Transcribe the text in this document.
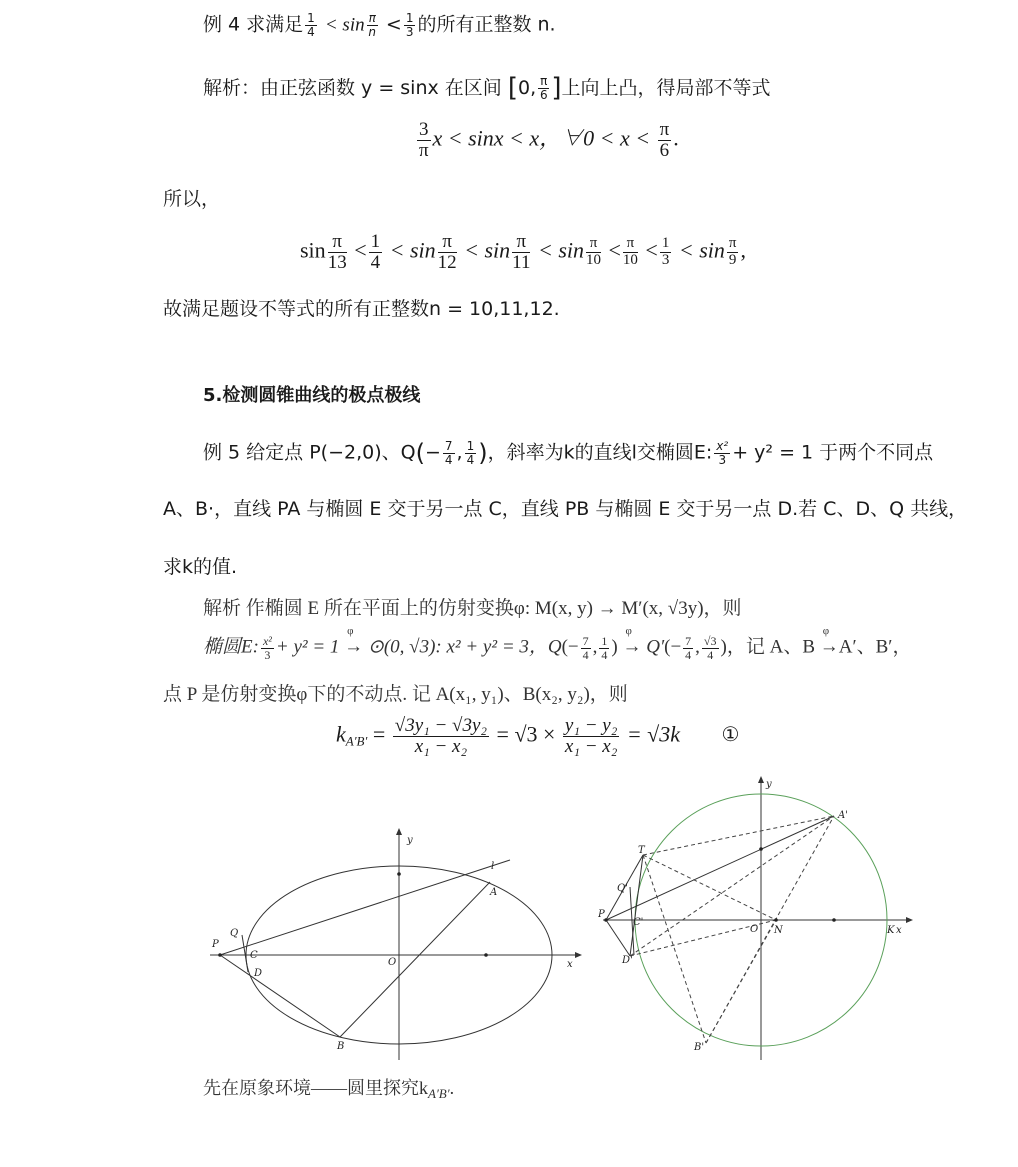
例 4 求满足 $\frac{1}{4} < \sin \frac{\pi}{n} < \frac{1}{3}$ 的所有正整数 n.
解析：由正弦函数 y = sinx 在区间 [0, $\frac{\pi}{6}$ ]上向上凸，得局部不等式
$\frac{3}{\pi}$ x < sinx < x，∀0 < $x < \frac{\pi}{6}$ .
所以，
$\sin \frac{\pi}{13} < \frac{1}{4} < \sin \frac{\pi}{12} < \sin \frac{\pi}{11} < \sin \frac{\pi}{10} < \frac{\pi}{10} < \frac{1}{3} < \sin \frac{\pi}{9}$ ,
故满足题设不等式的所有正整数n = 10,11,12.
5.检测圆锥曲线的极点极线
例 5 给定点 P(−2,0)、$Q(- \frac{7}{4}$ , $\frac{1}{4}$ )，斜率为k的直线l交椭圆E: $\frac{\text{x²}}{3} + y^2 = 1$ 于两个不同点
A、B·，直线 PA 与椭圆 E 交于另一点 C，直线 PB 与椭圆 E 交于另一点 D.若 C、D、Q 共线，
求k的值.
解析 作椭圆 E 所在平面上的仿射变换φ: M(x, y) → M′(x, √3y)，则
椭圆E: $\frac{\text{x²}}{3} + y^2 = 1$ →
φ
⊙(0, √3): x² + y² = 3，$Q(- \frac{7}{4}$ , $\frac{1}{4}$ ) →
φ
$Q'(- \frac{7}{4}$ , $\frac{√3}{4}$ )，记 A、B →
φ
A′、B′，
点 P 是仿射变换φ下的不动点. 记 A(x₁, y₁)、B(x₂, y₂)，则
$k_{A'B'} = \frac{\text{√3y₁ − √3y₂}}{\text{x₁ − x₂}} = √3 \times \frac{\text{y₁ − y₂}}{\text{x₁ − x₂}} = √3k$ ①
y
x
O
P
Q
C
D
A
B
l
y
x
O N	K
P
Q'
T
C'
D'
A'
B'
先在原象环境——圆里探究$k_{A'B'}$.
